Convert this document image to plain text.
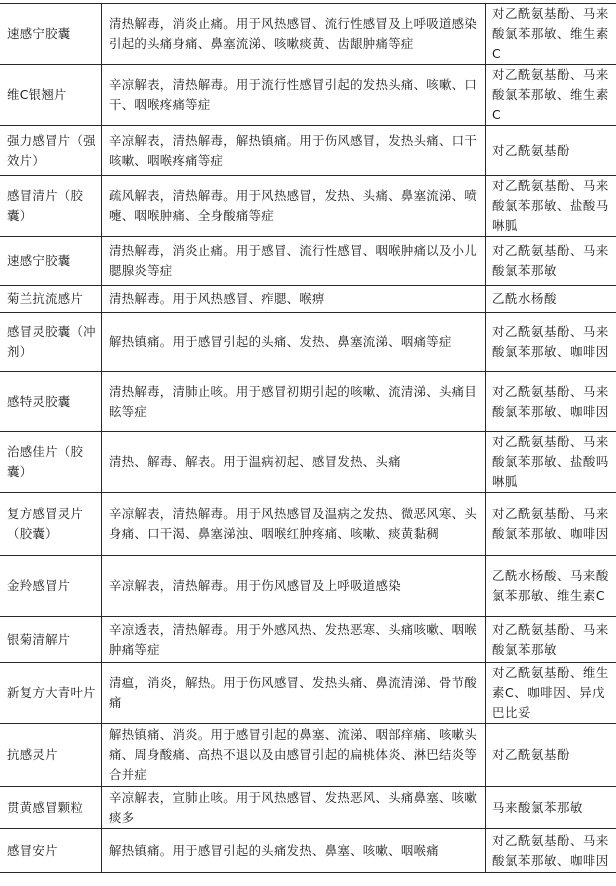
速感宁胶囊	清热解毒，消炎止痛。用于风热感冒、流行性感冒及上呼吸道感染引起的头痛身痛、鼻塞流涕、咳嗽痰黄、齿龈肿痛等症	对乙酰氨基酚、马来酸氯苯那敏、维生素C
维C银翘片	辛凉解表，清热解毒。用于流行性感冒引起的发热头痛、咳嗽、口干、咽喉疼痛等症	对乙酰氨基酚、马来酸氯苯那敏、维生素C
强力感冒片（强效片）	辛凉解表，清热解毒，解热镇痛。用于伤风感冒，发热头痛、口干咳嗽、咽喉疼痛等症	对乙酰氨基酚
感冒清片（胶囊）	疏风解表，清热解毒。用于风热感冒，发热、头痛、鼻塞流涕、喷嚏、咽喉肿痛、全身酸痛等症	对乙酰氨基酚、马来酸氯苯那敏、盐酸马啉胍
速感宁胶囊	清热解毒，消炎止痛。用于感冒、流行性感冒、咽喉肿痛以及小儿腮腺炎等症	对乙酰氨基酚、马来酸氯苯那敏
菊兰抗流感片	清热解毒。用于风热感冒、痄腮、喉痹	乙酰水杨酸
感冒灵胶囊（冲剂）	解热镇痛。用于感冒引起的头痛、发热、鼻塞流涕、咽痛等症	对乙酰氨基酚、马来酸氯苯那敏、咖啡因
感特灵胶囊	清热解毒，清肺止咳。用于感冒初期引起的咳嗽、流清涕、头痛目眩等症	对乙酰氨基酚、马来酸氯苯那敏、咖啡因
治感佳片（胶囊）	清热、解毒、解表。用于温病初起、感冒发热、头痛	对乙酰氨基酚、马来酸氯苯那敏、盐酸吗啉胍
复方感冒灵片（胶囊）	辛凉解表，清热解毒。用于风热感冒及温病之发热、微恶风寒、头身痛、口干渴、鼻塞涕浊、咽喉红肿疼痛、咳嗽、痰黄黏稠	对乙酰氨基酚、马来酸氯苯那敏、咖啡因
金羚感冒片	辛凉解表，清热解毒。用于伤风感冒及上呼吸道感染	乙酰水杨酸、马来酸氯苯那敏、维生素C
银菊清解片	辛凉透表，清热解毒。用于外感风热、发热恶寒、头痛咳嗽、咽喉肿痛等症	对乙酰氨基酚、马来酸氯苯那敏
新复方大青叶片	清瘟，消炎，解热。用于伤风感冒、发热头痛、鼻流清涕、骨节酸痛	对乙酰氨基酚、维生素C、咖啡因、异戊巴比妥
抗感灵片	解热镇痛、消炎。用于感冒引起的鼻塞、流涕、咽部痒痛、咳嗽头痛、周身酸痛、高热不退以及由感冒引起的扁桃体炎、淋巴结炎等合并症	对乙酰氨基酚
贯黄感冒颗粒	辛凉解表，宣肺止咳。用于风热感冒、发热恶风、头痛鼻塞、咳嗽痰多	马来酸氯苯那敏
感冒安片	解热镇痛。用于感冒引起的头痛发热、鼻塞、咳嗽、咽喉痛	对乙酰氨基酚、马来酸氯苯那敏、咖啡因
